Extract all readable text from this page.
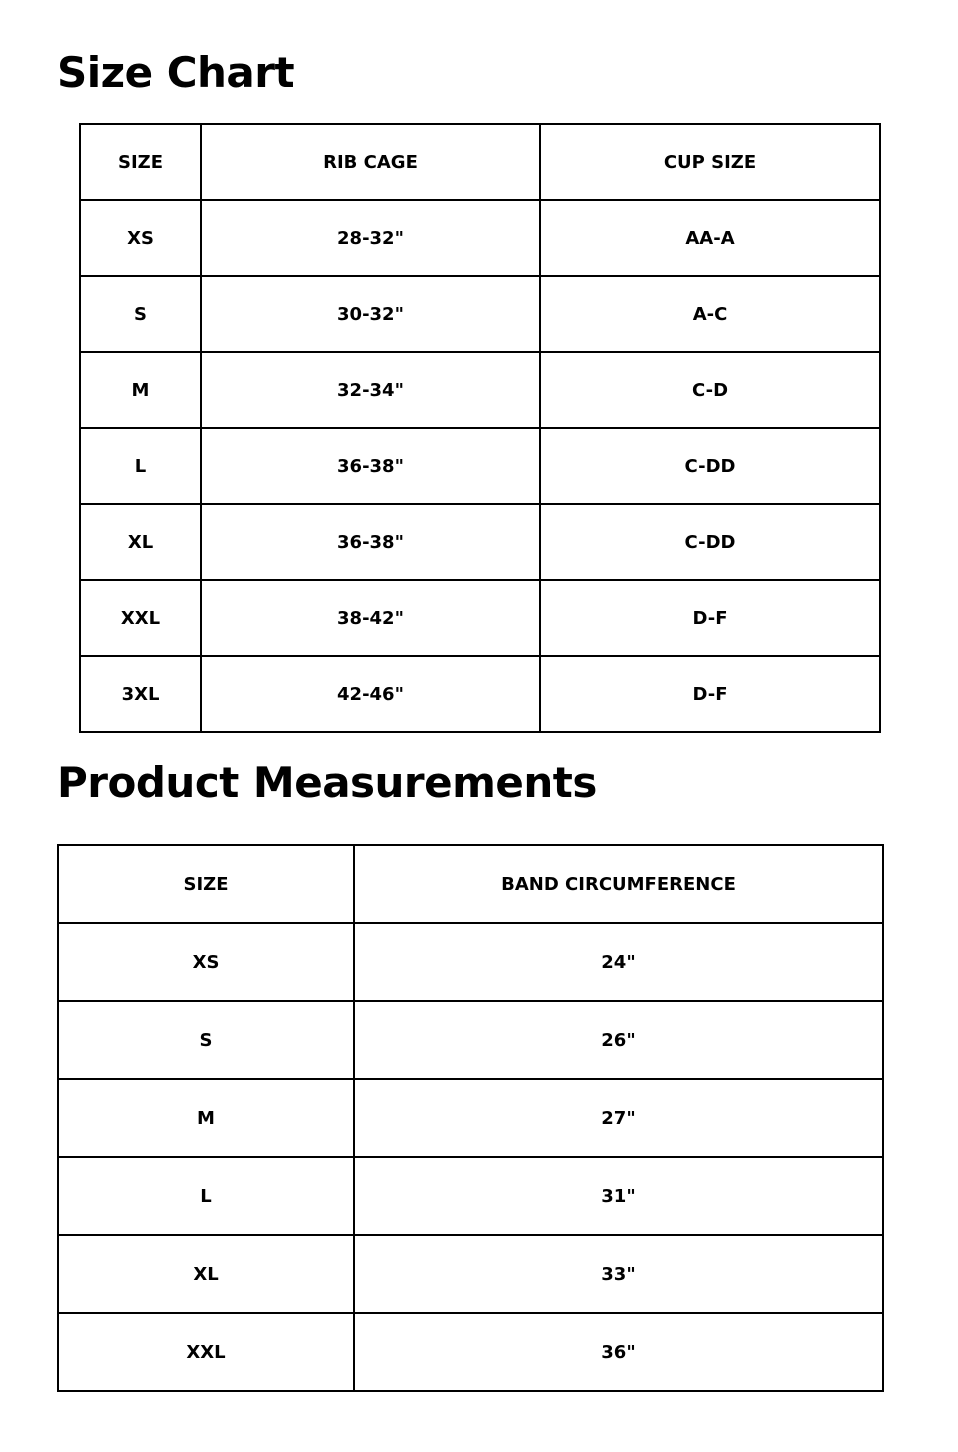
Size Chart
SIZE	RIB CAGE	CUP SIZE
XS	28-32"	AA-A
S	30-32"	A-C
M	32-34"	C-D
L	36-38"	C-DD
XL	36-38"	C-DD
XXL	38-42"	D-F
3XL	42-46"	D-F
Product Measurements
SIZE	BAND CIRCUMFERENCE
XS	24"
S	26"
M	27"
L	31"
XL	33"
XXL	36"
